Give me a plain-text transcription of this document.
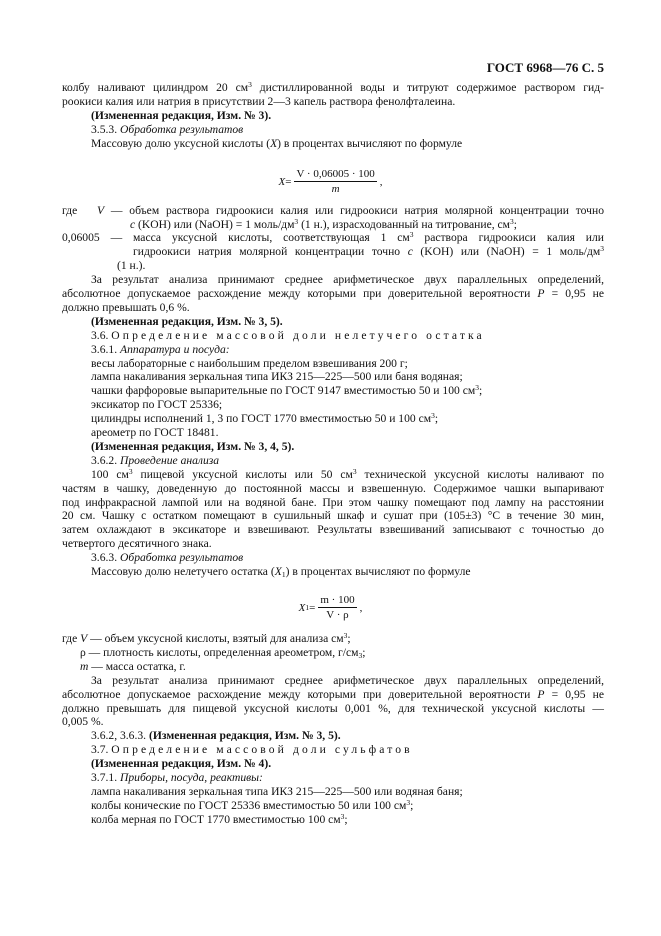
ГОСТ 6968—76 С. 5
колбу наливают цилиндром 20 $см^3$ дистиллированной воды и титруют содержимое раствором гид-
роокиси калия или натрия в присутствии 2—3 капель раствора фенолфталеина.
(Измененная редакция, Изм. № 3).
3.5.3. Обработка результатов
Массовую долю уксусной кислоты (X) в процентах вычисляют по формуле
где V — объем раствора гидроокиси калия или гидроокиси натрия молярной концентрации точно
c (KOH) или (NaOH) = 1 моль/$дм^3$ (1 н.), израсходованный на титрование, $см^3$;
0,06005 — масса уксусной кислоты, соответствующая 1 $см^3$ раствора гидроокиси калия или
гидроокиси натрия молярной концентрации точно c (KOH) или (NaOH) = 1 моль/$дм^3$
(1 н.).
За результат анализа принимают среднее арифметическое двух параллельных определений,
абсолютное допускаемое расхождение между которыми при доверительной вероятности P = 0,95 не
должно превышать 0,6 %.
(Измененная редакция, Изм. № 3, 5).
3.6. Определение массовой доли нелетучего остатка
3.6.1. Аппаратура и посуда:
весы лабораторные с наибольшим пределом взвешивания 200 г;
лампа накаливания зеркальная типа ИКЗ 215—225—500 или баня водяная;
чашки фарфоровые выпарительные по ГОСТ 9147 вместимостью 50 и 100 $см^3$;
эксикатор по ГОСТ 25336;
цилиндры исполнений 1, 3 по ГОСТ 1770 вместимостью 50 и 100 $см^3$;
ареометр по ГОСТ 18481.
(Измененная редакция, Изм. № 3, 4, 5).
3.6.2. Проведение анализа
100 $см^3$ пищевой уксусной кислоты или 50 $см^3$ технической уксусной кислоты наливают по
частям в чашку, доведенную до постоянной массы и взвешенную. Содержимое чашки выпаривают
под инфракрасной лампой или на водяной бане. При этом чашку помещают под лампу на расстоянии
20 см. Чашку с остатком помещают в сушильный шкаф и сушат при (105±3) °С в течение 30 мин,
затем охлаждают в эксикаторе и взвешивают. Результаты взвешиваний записывают с точностью до
четвертого десятичного знака.
3.6.3. Обработка результатов
Массовую долю нелетучего остатка $(X_1)$ в процентах вычисляют по формуле
где V — объем уксусной кислоты, взятый для анализа $см^3$;
ρ — плотность кислоты, определенная ареометром, $г/см_3$;
m — масса остатка, г.
За результат анализа принимают среднее арифметическое двух параллельных определений,
абсолютное допускаемое расхождение между которыми при доверительной вероятности P = 0,95 не
должно превышать для пищевой уксусной кислоты 0,001 %, для технической уксусной кислоты —
0,005 %.
3.6.2, 3.6.3. (Измененная редакция, Изм. № 3, 5).
3.7. Определение массовой доли сульфатов
(Измененная редакция, Изм. № 4).
3.7.1. Приборы, посуда, реактивы:
лампа накаливания зеркальная типа ИКЗ 215—225—500 или водяная баня;
колбы конические по ГОСТ 25336 вместимостью 50 или 100 $см^3$;
колба мерная по ГОСТ 1770 вместимостью 100 $см^3$;
$X = \frac{V \cdot 0,06005 \cdot 100}{m}$ ,
X $1 = \frac{m \cdot 100}{V \cdot \rho}$ ,
